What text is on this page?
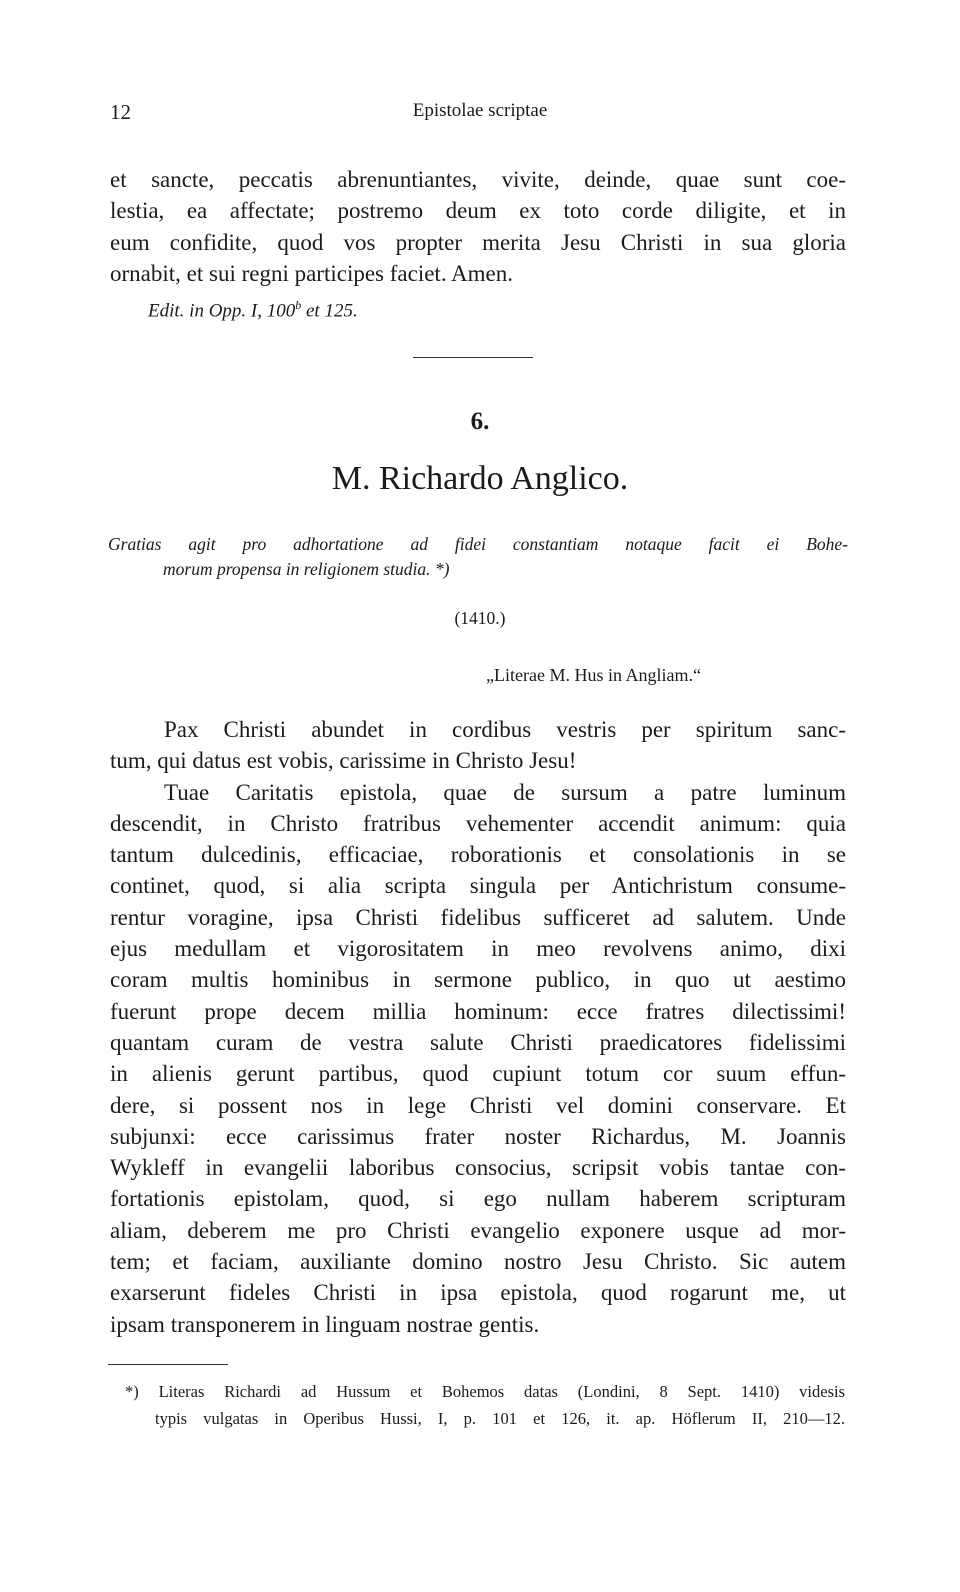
12	Epistolae scriptae
et sancte, peccatis abrenuntiantes, vivite, deinde, quae sunt coe-
lestia, ea affectate; postremo deum ex toto corde diligite, et in
eum confidite, quod vos propter merita Jesu Christi in sua gloria
ornabit, et sui regni participes faciet. Amen.
Edit. in Opp. I, 100$^b$ et 125.
6.
M. Richardo Anglico.
Gratias agit pro adhortatione ad fidei constantiam notaque facit ei Bohe-
morum propensa in religionem studia. *)
(1410.)
„Literae M. Hus in Angliam.“
Pax Christi abundet in cordibus vestris per spiritum sanc-
tum, qui datus est vobis, carissime in Christo Jesu!
Tuae Caritatis epistola, quae de sursum a patre luminum
descendit, in Christo fratribus vehementer accendit animum: quia
tantum dulcedinis, efficaciae, roborationis et consolationis in se
continet, quod, si alia scripta singula per Antichristum consume-
rentur voragine, ipsa Christi fidelibus sufficeret ad salutem. Unde
ejus medullam et vigorositatem in meo revolvens animo, dixi
coram multis hominibus in sermone publico, in quo ut aestimo
fuerunt prope decem millia hominum: ecce fratres dilectissimi!
quantam curam de vestra salute Christi praedicatores fidelissimi
in alienis gerunt partibus, quod cupiunt totum cor suum effun-
dere, si possent nos in lege Christi vel domini conservare. Et
subjunxi: ecce carissimus frater noster Richardus, M. Joannis
Wykleff in evangelii laboribus consocius, scripsit vobis tantae con-
fortationis epistolam, quod, si ego nullam haberem scripturam
aliam, deberem me pro Christi evangelio exponere usque ad mor-
tem; et faciam, auxiliante domino nostro Jesu Christo. Sic autem
exarserunt fideles Christi in ipsa epistola, quod rogarunt me, ut
ipsam transponerem in linguam nostrae gentis.
*) Literas Richardi ad Hussum et Bohemos datas (Londini, 8 Sept. 1410) videsis
typis vulgatas in Operibus Hussi, I, p. 101 et 126, it. ap. Höflerum II, 210—12.
